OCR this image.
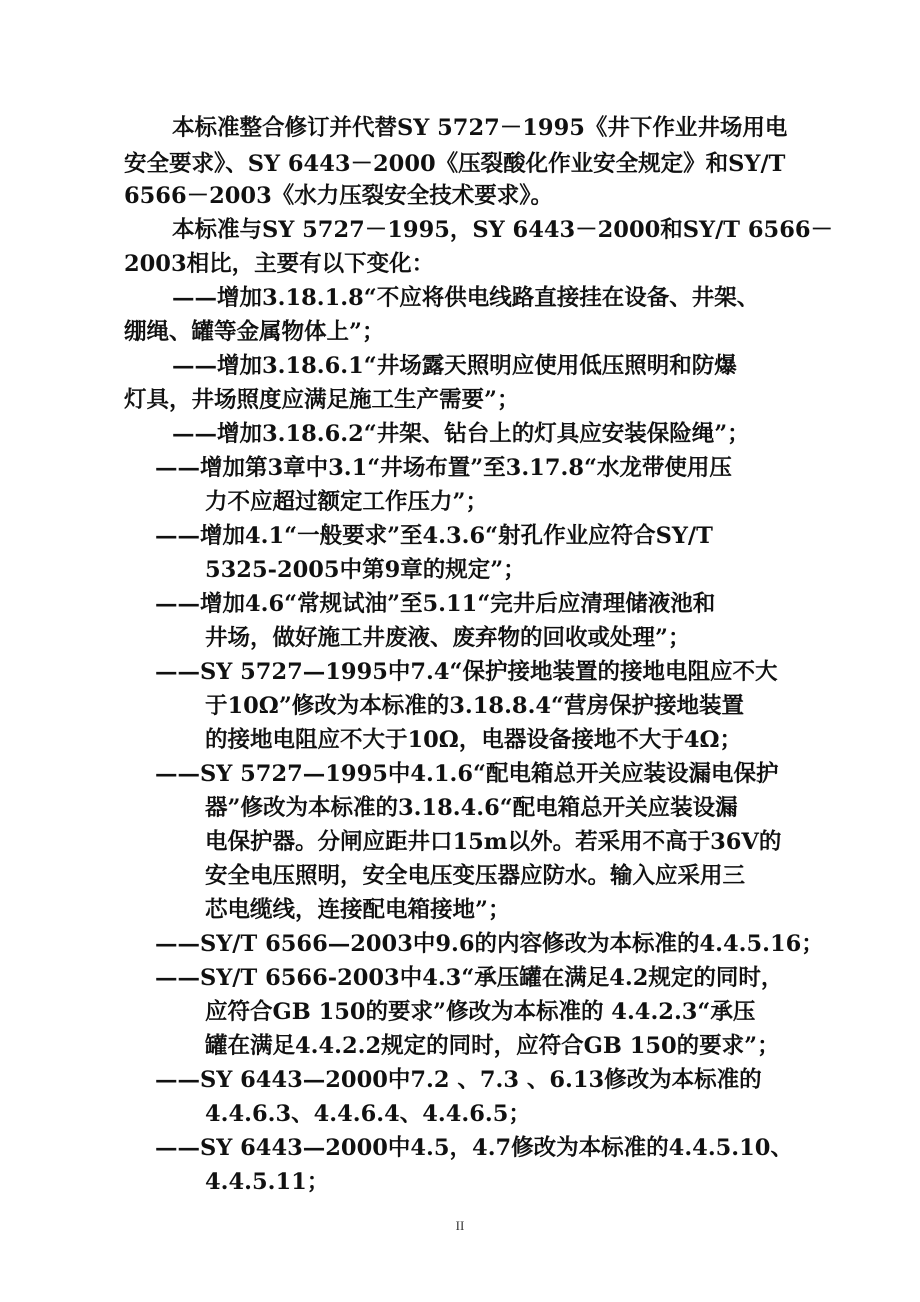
本标准整合修订并代替SY 5727－1995《井下作业井场用电
安全要求》、SY 6443－2000《压裂酸化作业安全规定》和SY/T
6566－2003《水力压裂安全技术要求》。
本标准与SY 5727－1995，SY 6443－2000和SY/T 6566－
2003相比，主要有以下变化：
——增加3.18.1.8“不应将供电线路直接挂在设备、井架、
绷绳、罐等金属物体上”；
——增加3.18.6.1“井场露天照明应使用低压照明和防爆
灯具，井场照度应满足施工生产需要”；
——增加3.18.6.2“井架、钻台上的灯具应安装保险绳”；
——增加第3章中3.1“井场布置”至3.17.8“水龙带使用压
力不应超过额定工作压力”；
——增加4.1“一般要求”至4.3.6“射孔作业应符合SY/T
5325-2005中第9章的规定”；
——增加4.6“常规试油”至5.11“完井后应清理储液池和
井场，做好施工井废液、废弃物的回收或处理”；
——SY 5727—1995中7.4“保护接地装置的接地电阻应不大
于10Ω”修改为本标准的3.18.8.4“营房保护接地装置
的接地电阻应不大于10Ω，电器设备接地不大于4Ω；
——SY 5727—1995中4.1.6“配电箱总开关应装设漏电保护
器”修改为本标准的3.18.4.6“配电箱总开关应装设漏
电保护器。分闸应距井口15m以外。若采用不高于36V的
安全电压照明，安全电压变压器应防水。输入应采用三
芯电缆线，连接配电箱接地”；
——SY/T 6566—2003中9.6的内容修改为本标准的4.4.5.16；
——SY/T 6566-2003中4.3“承压罐在满足4.2规定的同时，
应符合GB 150的要求”修改为本标准的 4.4.2.3“承压
罐在满足4.4.2.2规定的同时，应符合GB 150的要求”；
——SY 6443—2000中7.2 、7.3 、6.13修改为本标准的
4.4.6.3、4.4.6.4、4.4.6.5；
——SY 6443—2000中4.5，4.7修改为本标准的4.4.5.10、
4.4.5.11；
II
